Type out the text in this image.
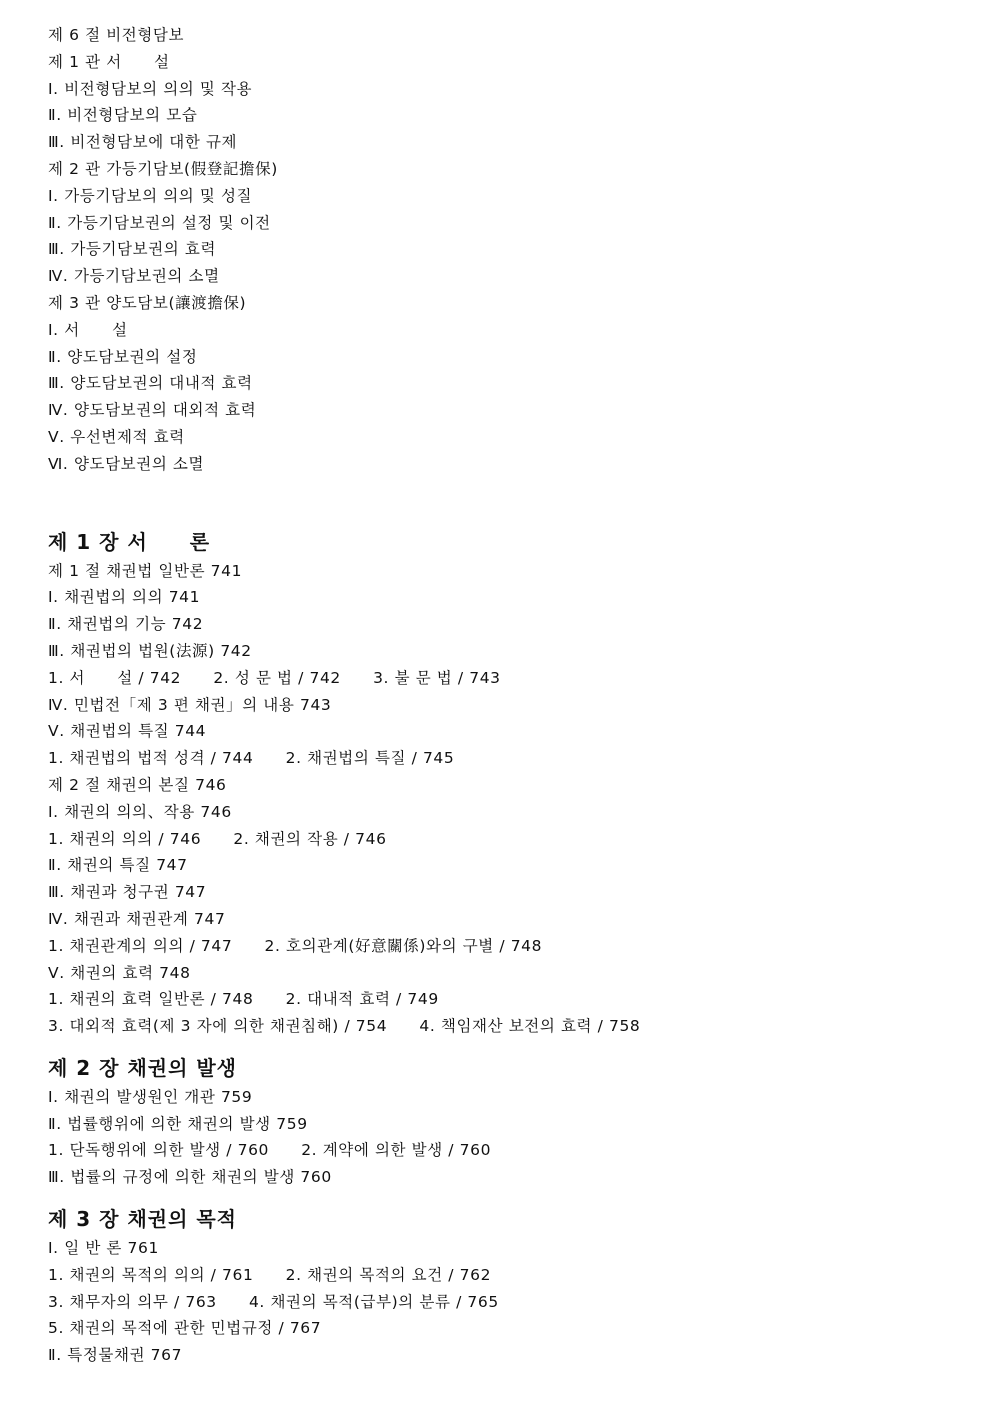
제 6 절 비전형담보
제 1 관 서　　설
Ⅰ. 비전형담보의 의의 및 작용
Ⅱ. 비전형담보의 모습
Ⅲ. 비전형담보에 대한 규제
제 2 관 가등기담보(假登記擔保)
Ⅰ. 가등기담보의 의의 및 성질
Ⅱ. 가등기담보권의 설정 및 이전
Ⅲ. 가등기담보권의 효력
Ⅳ. 가등기담보권의 소멸
제 3 관 양도담보(讓渡擔保)
Ⅰ. 서　　설
Ⅱ. 양도담보권의 설정
Ⅲ. 양도담보권의 대내적 효력
Ⅳ. 양도담보권의 대외적 효력
Ⅴ. 우선변제적 효력
Ⅵ. 양도담보권의 소멸
제 1 장 서　　론
제 1 절 채권법 일반론 741
Ⅰ. 채권법의 의의 741
Ⅱ. 채권법의 기능 742
Ⅲ. 채권법의 법원(法源) 742
1. 서　　설 / 742　　2. 성 문 법 / 742　　3. 불 문 법 / 743
Ⅳ. 민법전「제 3 편 채권」의 내용 743
Ⅴ. 채권법의 특질 744
1. 채권법의 법적 성격 / 744　　2. 채권법의 특질 / 745
제 2 절 채권의 본질 746
Ⅰ. 채권의 의의、작용 746
1. 채권의 의의 / 746　　2. 채권의 작용 / 746
Ⅱ. 채권의 특질 747
Ⅲ. 채권과 청구권 747
Ⅳ. 채권과 채권관계 747
1. 채권관계의 의의 / 747　　2. 호의관계(好意關係)와의 구별 / 748
Ⅴ. 채권의 효력 748
1. 채권의 효력 일반론 / 748　　2. 대내적 효력 / 749
3. 대외적 효력(제 3 자에 의한 채권침해) / 754　　4. 책임재산 보전의 효력 / 758
제 2 장 채권의 발생
Ⅰ. 채권의 발생원인 개관 759
Ⅱ. 법률행위에 의한 채권의 발생 759
1. 단독행위에 의한 발생 / 760　　2. 계약에 의한 발생 / 760
Ⅲ. 법률의 규정에 의한 채권의 발생 760
제 3 장 채권의 목적
Ⅰ. 일 반 론 761
1. 채권의 목적의 의의 / 761　　2. 채권의 목적의 요건 / 762
3. 채무자의 의무 / 763　　4. 채권의 목적(급부)의 분류 / 765
5. 채권의 목적에 관한 민법규정 / 767
Ⅱ. 특정물채권 767
